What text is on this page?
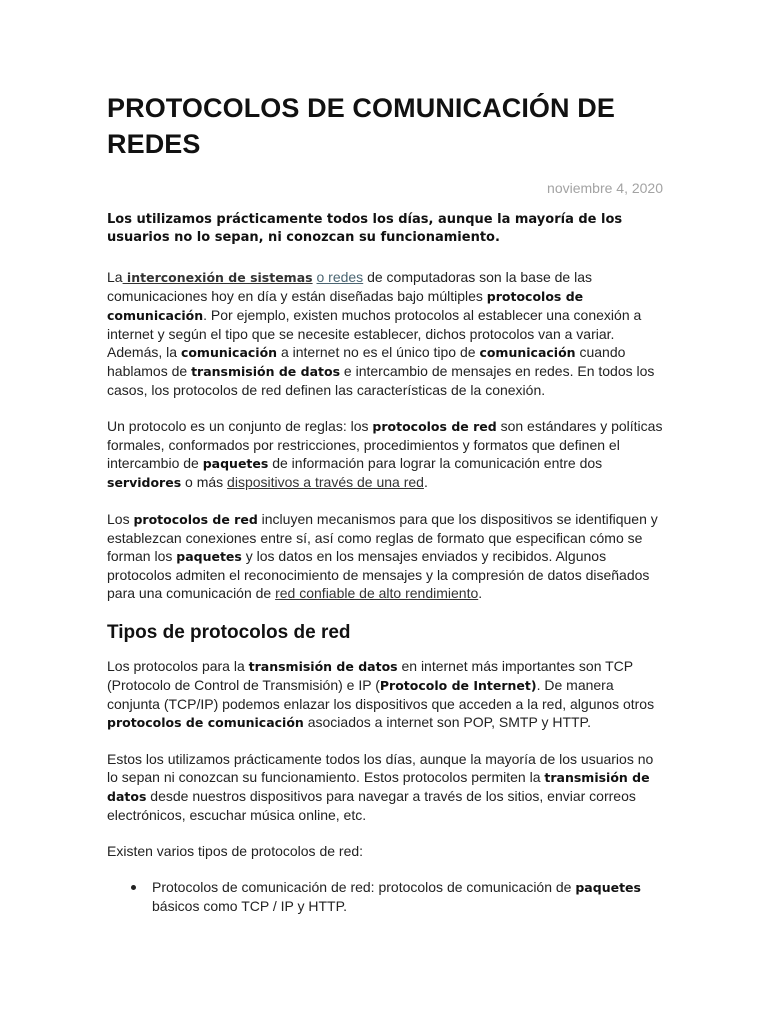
PROTOCOLOS DE COMUNICACIÓN DE REDES
noviembre 4, 2020

Los utilizamos prácticamente todos los días, aunque la mayoría de los usuarios no lo sepan, ni conozcan su funcionamiento.

La interconexión de sistemas o redes de computadoras son la base de las comunicaciones hoy en día y están diseñadas bajo múltiples protocolos de comunicación. Por ejemplo, existen muchos protocolos al establecer una conexión a internet y según el tipo que se necesite establecer, dichos protocolos van a variar. Además, la comunicación a internet no es el único tipo de comunicación cuando hablamos de transmisión de datos e intercambio de mensajes en redes. En todos los casos, los protocolos de red definen las características de la conexión.

Un protocolo es un conjunto de reglas: los protocolos de red son estándares y políticas formales, conformados por restricciones, procedimientos y formatos que definen el intercambio de paquetes de información para lograr la comunicación entre dos servidores o más dispositivos a través de una red.

Los protocolos de red incluyen mecanismos para que los dispositivos se identifiquen y establezcan conexiones entre sí, así como reglas de formato que especifican cómo se forman los paquetes y los datos en los mensajes enviados y recibidos. Algunos protocolos admiten el reconocimiento de mensajes y la compresión de datos diseñados para una comunicación de red confiable de alto rendimiento.

Tipos de protocolos de red

Los protocolos para la transmisión de datos en internet más importantes son TCP (Protocolo de Control de Transmisión) e IP (Protocolo de Internet). De manera conjunta (TCP/IP) podemos enlazar los dispositivos que acceden a la red, algunos otros protocolos de comunicación asociados a internet son POP, SMTP y HTTP.

Estos los utilizamos prácticamente todos los días, aunque la mayoría de los usuarios no lo sepan ni conozcan su funcionamiento. Estos protocolos permiten la transmisión de datos desde nuestros dispositivos para navegar a través de los sitios, enviar correos electrónicos, escuchar música online, etc.

Existen varios tipos de protocolos de red:

Protocolos de comunicación de red: protocolos de comunicación de paquetes básicos como TCP / IP y HTTP.
